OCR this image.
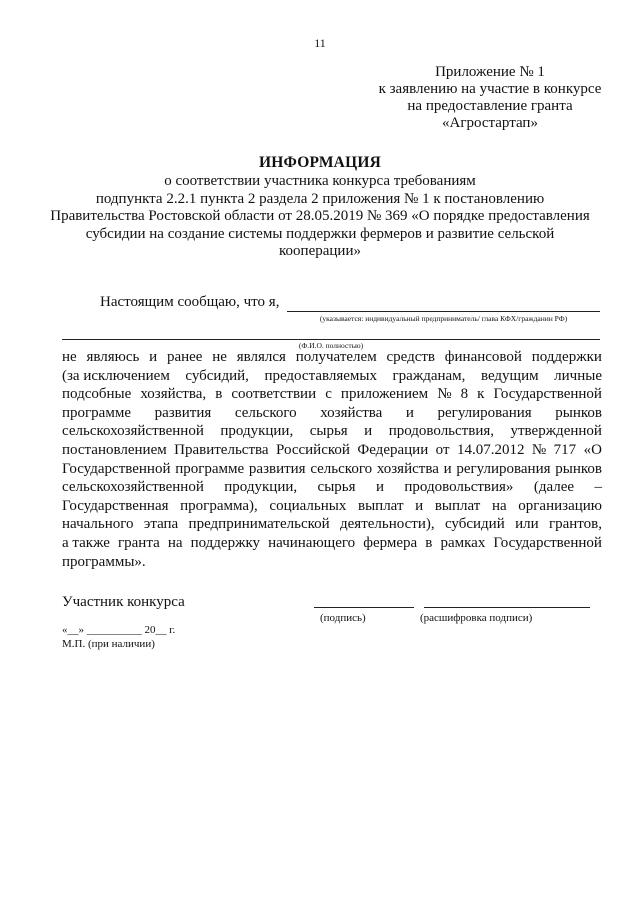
11
Приложение № 1
к заявлению на участие в конкурсе
на предоставление гранта
«Агростартап»
ИНФОРМАЦИЯ
о соответствии участника конкурса требованиям
подпункта 2.2.1 пункта 2 раздела 2 приложения № 1 к постановлению
Правительства Ростовской области от 28.05.2019 № 369 «О порядке предоставления
субсидии на создание системы поддержки фермеров и развитие сельской
кооперации»
Настоящим сообщаю, что я,
(указывается: индивидуальный предприниматель/ глава КФХ/гражданин РФ)
(Ф.И.О. полностью)
не являюсь и ранее не являлся получателем средств финансовой поддержки
(за исключением субсидий, предоставляемых гражданам, ведущим личные
подсобные хозяйства, в соответствии с приложением № 8 к Государственной
программе развития сельского хозяйства и регулирования рынков
сельскохозяйственной продукции, сырья и продовольствия, утвержденной
постановлением Правительства Российской Федерации от 14.07.2012 № 717 «О
Государственной программе развития сельского хозяйства и регулирования рынков
сельскохозяйственной продукции, сырья и продовольствия» (далее –
Государственная программа), социальных выплат и выплат на организацию
начального этапа предпринимательской деятельности), субсидий или грантов,
а также гранта на поддержку начинающего фермера в рамках Государственной
программы».
Участник конкурса
(подпись)	(расшифровка подписи)
«__» __________ 20__ г.
М.П. (при наличии)
